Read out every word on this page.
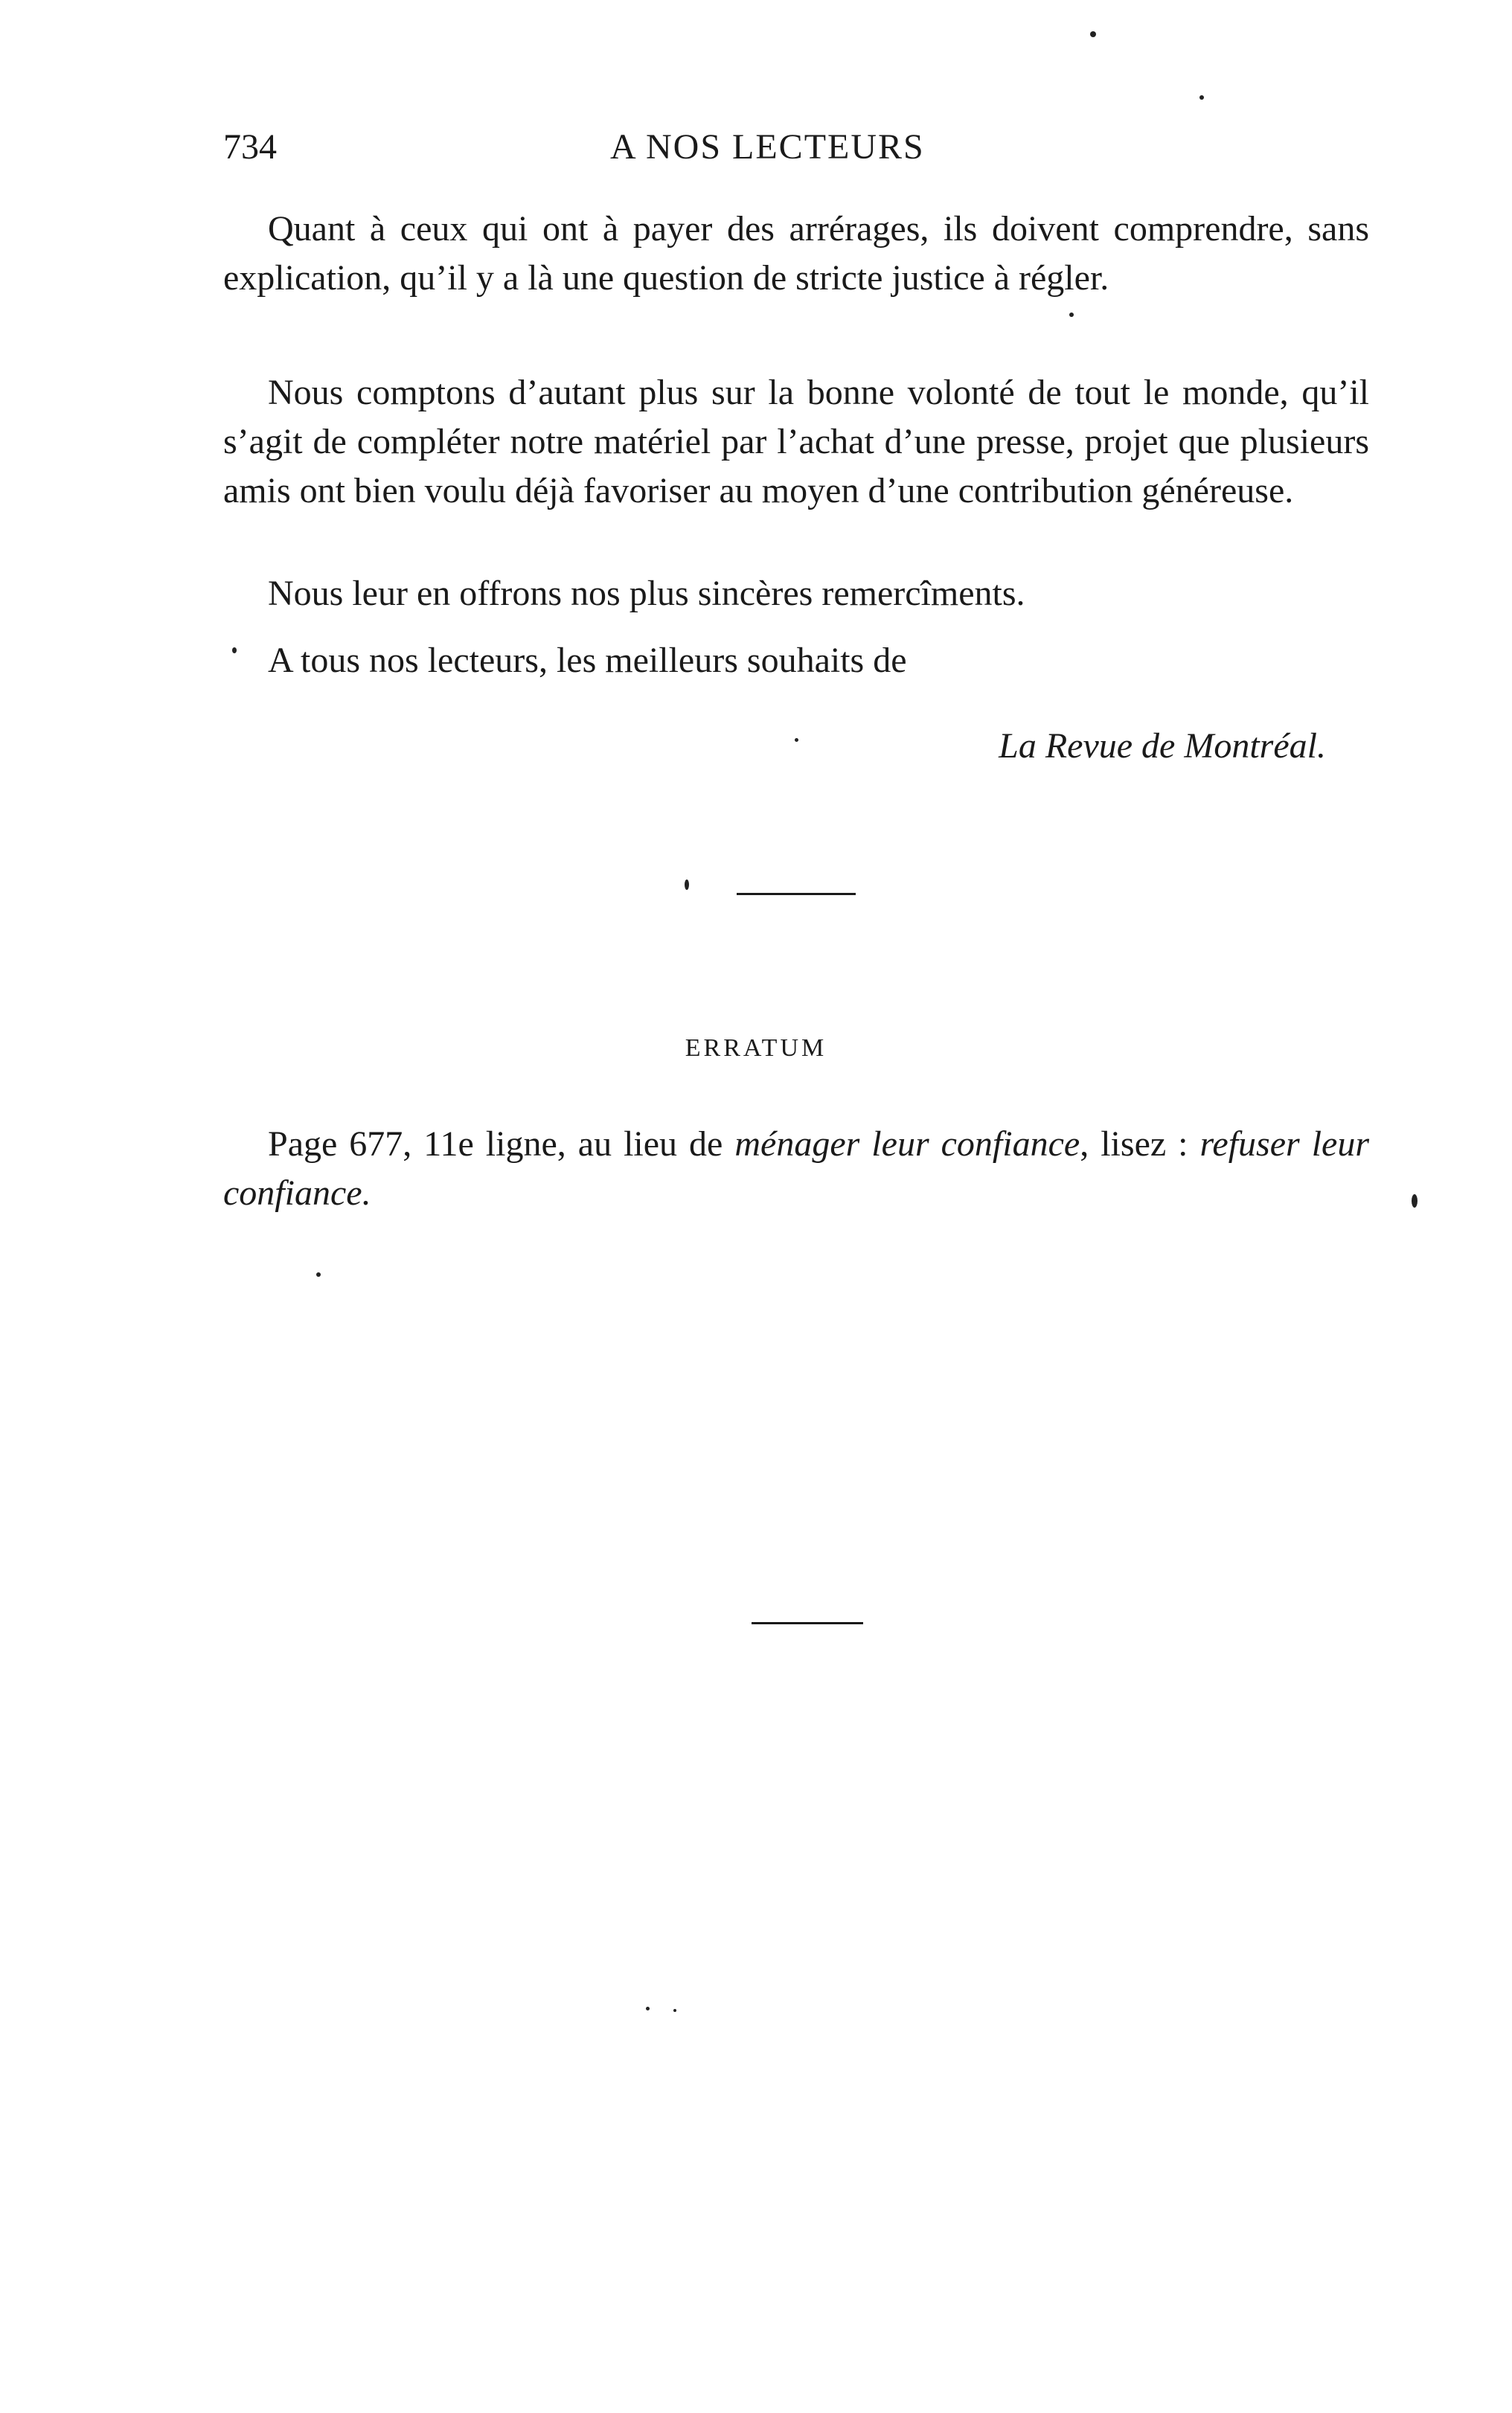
734	A NOS LECTEURS

Quant à ceux qui ont à payer des arrérages, ils doivent comprendre, sans explication, qu’il y a là une question de stricte justice à régler.

Nous comptons d’autant plus sur la bonne volonté de tout le monde, qu’il s’agit de compléter notre matériel par l’achat d’une presse, projet que plusieurs amis ont bien voulu déjà favoriser au moyen d’une contribution généreuse.

Nous leur en offrons nos plus sincères remercîments.

A tous nos lecteurs, les meilleurs souhaits de

La Revue de Montréal.
ERRATUM
Page 677, 11e ligne, au lieu de ménager leur confiance, lisez : refuser leur confiance.
